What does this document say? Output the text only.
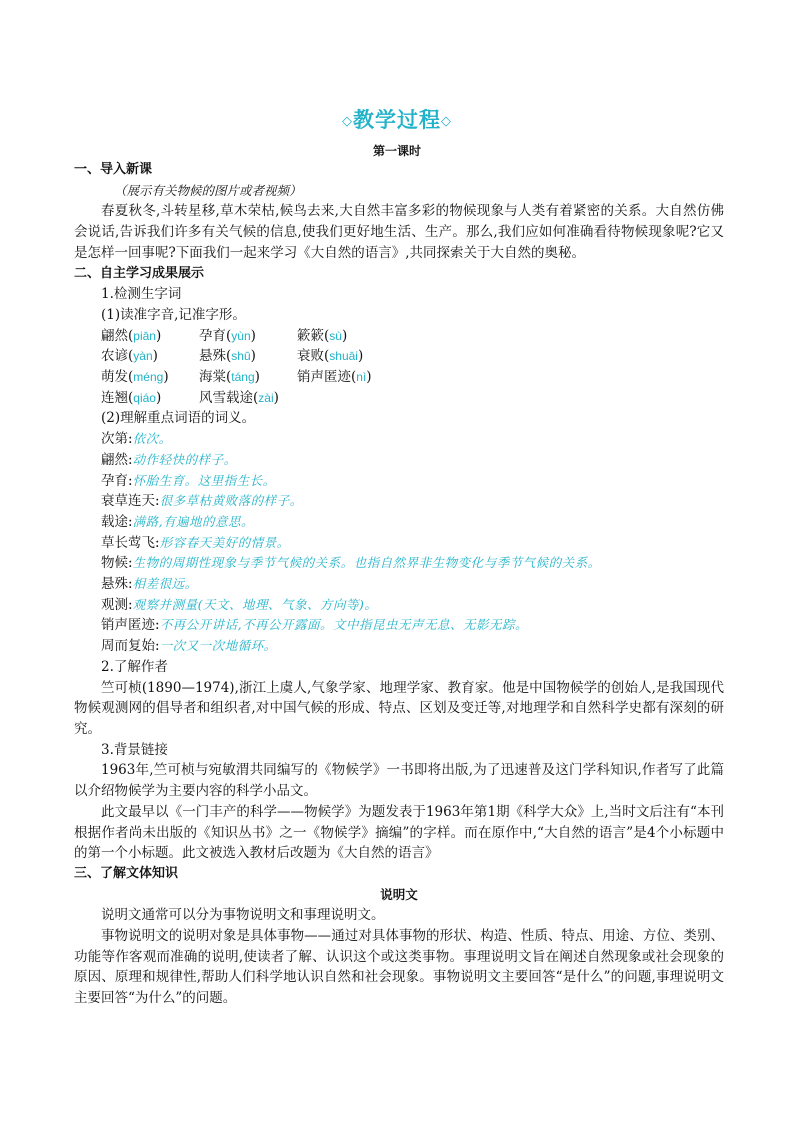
◇教学过程◇
第一课时

一、导入新课

（展示有关物候的图片或者视频）

春夏秋冬,斗转星移,草木荣枯,候鸟去来,大自然丰富多彩的物候现象与人类有着紧密的关系。大自然仿佛会说话,告诉我们许多有关气候的信息,使我们更好地生活、生产。那么,我们应如何准确看待物候现象呢?它又是怎样一回事呢?下面我们一起来学习《大自然的语言》,共同探索关于大自然的奥秘。

二、自主学习成果展示

1.检测生字词

(1)读准字音,记准字形。

翩然(piān)	孕育(yùn)	簌簌(sù)

农谚(yàn)	悬殊(shū)	衰败(shuāi)

萌发(méng) 海棠(táng)	销声匿迹(nì)

连翘(qiáo)	风雪载途(zài)

(2)理解重点词语的词义。

次第:依次。

翩然:动作轻快的样子。

孕育:怀胎生育。这里指生长。

衰草连天:很多草枯黄败落的样子。

载途:满路,有遍地的意思。

草长莺飞:形容春天美好的情景。

物候:生物的周期性现象与季节气候的关系。也指自然界非生物变化与季节气候的关系。

悬殊:相差很远。

观测:观察并测量(天文、地理、气象、方向等)。

销声匿迹:不再公开讲话,不再公开露面。文中指昆虫无声无息、无影无踪。

周而复始:一次又一次地循环。

2.了解作者

竺可桢(1890—1974),浙江上虞人,气象学家、地理学家、教育家。他是中国物候学的创始人,是我国现代物候观测网的倡导者和组织者,对中国气候的形成、特点、区划及变迁等,对地理学和自然科学史都有深刻的研究。

3.背景链接

1963年,竺可桢与宛敏渭共同编写的《物候学》一书即将出版,为了迅速普及这门学科知识,作者写了此篇以介绍物候学为主要内容的科学小品文。

此文最早以《一门丰产的科学——物候学》为题发表于1963年第1期《科学大众》上,当时文后注有“本刊根据作者尚未出版的《知识丛书》之一《物候学》摘编”的字样。而在原作中,“大自然的语言”是4个小标题中的第一个小标题。此文被选入教材后改题为《大自然的语言》

三、了解文体知识

说明文

说明文通常可以分为事物说明文和事理说明文。

事物说明文的说明对象是具体事物——通过对具体事物的形状、构造、性质、特点、用途、方位、类别、功能等作客观而准确的说明,使读者了解、认识这个或这类事物。事理说明文旨在阐述自然现象或社会现象的原因、原理和规律性,帮助人们科学地认识自然和社会现象。事物说明文主要回答“是什么”的问题,事理说明文主要回答“为什么”的问题。
